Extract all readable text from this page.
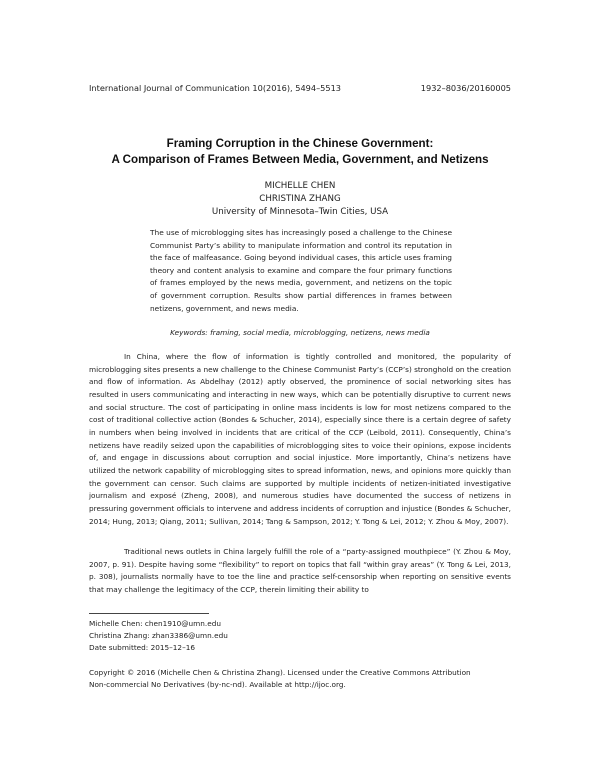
International Journal of Communication 10(2016), 5494–5513	1932–8036/20160005
Framing Corruption in the Chinese Government:
A Comparison of Frames Between Media, Government, and Netizens
MICHELLE CHEN
CHRISTINA ZHANG
University of Minnesota–Twin Cities, USA
The use of microblogging sites has increasingly posed a challenge to the Chinese Communist Party’s ability to manipulate information and control its reputation in the face of malfeasance. Going beyond individual cases, this article uses framing theory and content analysis to examine and compare the four primary functions of frames employed by the news media, government, and netizens on the topic of government corruption. Results show partial differences in frames between netizens, government, and news media.
Keywords: framing, social media, microblogging, netizens, news media

In China, where the flow of information is tightly controlled and monitored, the popularity of microblogging sites presents a new challenge to the Chinese Communist Party’s (CCP’s) stronghold on the creation and flow of information. As Abdelhay (2012) aptly observed, the prominence of social networking sites has resulted in users communicating and interacting in new ways, which can be potentially disruptive to current news and social structure. The cost of participating in online mass incidents is low for most netizens compared to the cost of traditional collective action (Bondes & Schucher, 2014), especially since there is a certain degree of safety in numbers when being involved in incidents that are critical of the CCP (Leibold, 2011). Consequently, China’s netizens have readily seized upon the capabilities of microblogging sites to voice their opinions, expose incidents of, and engage in discussions about corruption and social injustice. More importantly, China’s netizens have utilized the network capability of microblogging sites to spread information, news, and opinions more quickly than the government can censor. Such claims are supported by multiple incidents of netizen-initiated investigative journalism and exposé (Zheng, 2008), and numerous studies have documented the success of netizens in pressuring government officials to intervene and address incidents of corruption and injustice (Bondes & Schucher, 2014; Hung, 2013; Qiang, 2011; Sullivan, 2014; Tang & Sampson, 2012; Y. Tong & Lei, 2012; Y. Zhou & Moy, 2007).

Traditional news outlets in China largely fulfill the role of a “party-assigned mouthpiece” (Y. Zhou & Moy, 2007, p. 91). Despite having some “flexibility” to report on topics that fall “within gray areas” (Y. Tong & Lei, 2013, p. 308), journalists normally have to toe the line and practice self-censorship when reporting on sensitive events that may challenge the legitimacy of the CCP, therein limiting their ability to

Michelle Chen: chen1910@umn.edu
Christina Zhang: zhan3386@umn.edu
Date submitted: 2015–12–16
Copyright © 2016 (Michelle Chen & Christina Zhang). Licensed under the Creative Commons Attribution
Non-commercial No Derivatives (by-nc-nd). Available at http://ijoc.org.
